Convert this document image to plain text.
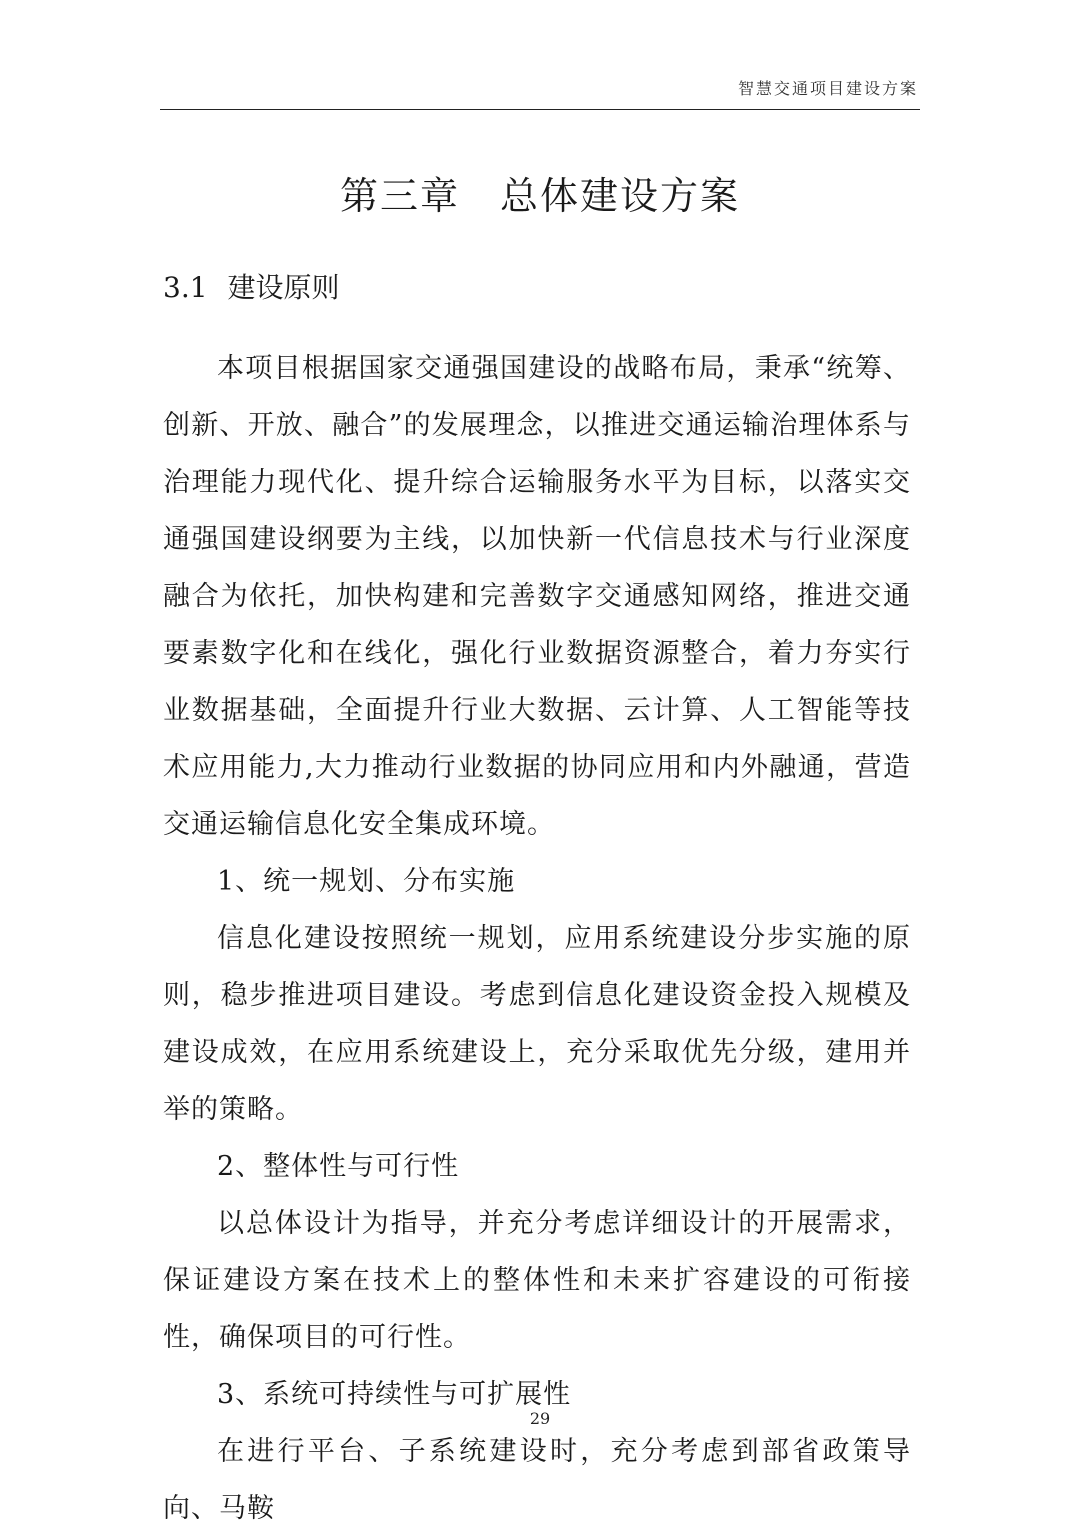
智慧交通项目建设方案
第三章　总体建设方案
3.1 建设原则

本项目根据国家交通强国建设的战略布局，秉承“统筹、创新、开放、融合”的发展理念，以推进交通运输治理体系与治理能力现代化、提升综合运输服务水平为目标，以落实交通强国建设纲要为主线，以加快新一代信息技术与行业深度融合为依托，加快构建和完善数字交通感知网络，推进交通要素数字化和在线化，强化行业数据资源整合，着力夯实行业数据基础，全面提升行业大数据、云计算、人工智能等技术应用能力,大力推动行业数据的协同应用和内外融通，营造交通运输信息化安全集成环境。

1、统一规划、分布实施

信息化建设按照统一规划，应用系统建设分步实施的原则，稳步推进项目建设。考虑到信息化建设资金投入规模及建设成效，在应用系统建设上，充分采取优先分级，建用并举的策略。

2、整体性与可行性

以总体设计为指导，并充分考虑详细设计的开展需求，保证建设方案在技术上的整体性和未来扩容建设的可衔接性，确保项目的可行性。

3、系统可持续性与可扩展性

在进行平台、子系统建设时，充分考虑到部省政策导向、马鞍

29
